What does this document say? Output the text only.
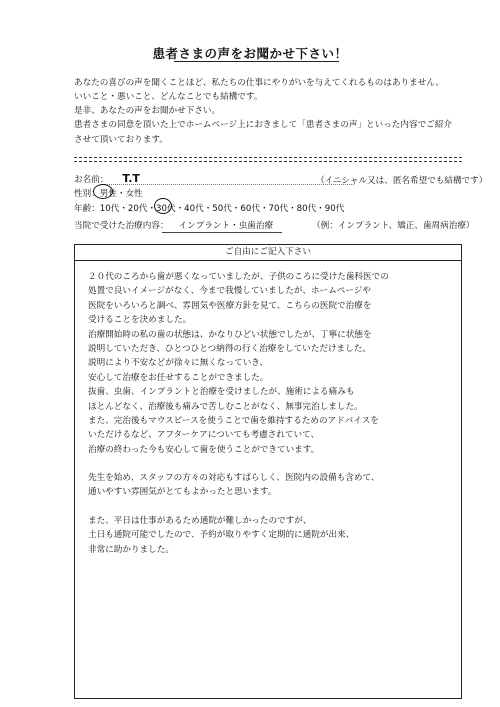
患者さまの声をお聞かせ下さい！
あなたの喜びの声を聞くことほど、私たちの仕事にやりがいを与えてくれるものはありません。
いいこと・悪いこと、どんなことでも結構です。
是非、あなたの声をお聞かせ下さい。
患者さまの同意を頂いた上でホームページ上におきまして「患者さまの声」といった内容でご紹介
させて頂いております。
お名前： T.T	（イニシャル又は、匿名希望でも結構です）
性別：男性・女性
年齢：10代・20代・30代・40代・50代・60代・70代・80代・90代
当院で受けた治療内容： インプラント・虫歯治療	（例：インプラント、矯正、歯周病治療）
ご自由にご記入下さい
２０代のころから歯が悪くなっていましたが、子供のころに受けた歯科医での
処置で良いイメージがなく、今まで我慢していましたが、ホームページや
医院をいろいろと調べ、雰囲気や医療方針を見て、こちらの医院で治療を
受けることを決めました。
治療開始時の私の歯の状態は、かなりひどい状態でしたが、丁寧に状態を
説明していただき、ひとつひとつ納得の行く治療をしていただけました。
説明により不安などが徐々に無くなっていき、
安心して治療をお任せすることができました。
抜歯、虫歯、インプラントと治療を受けましたが、施術による痛みも
ほとんどなく、治療後も痛みで苦しむことがなく、無事完治しました。
また、完治後もマウスピースを使うことで歯を維持するためのアドバイスを
いただけるなど、アフターケアについても考慮されていて、
治療の終わった今も安心して歯を使うことができています。
先生を始め、スタッフの方々の対応もすばらしく、医院内の設備も含めて、
通いやすい雰囲気がとてもよかったと思います。
また、平日は仕事があるため通院が難しかったのですが、
土日も通院可能でしたので、予約が取りやすく定期的に通院が出来、
非常に助かりました。
